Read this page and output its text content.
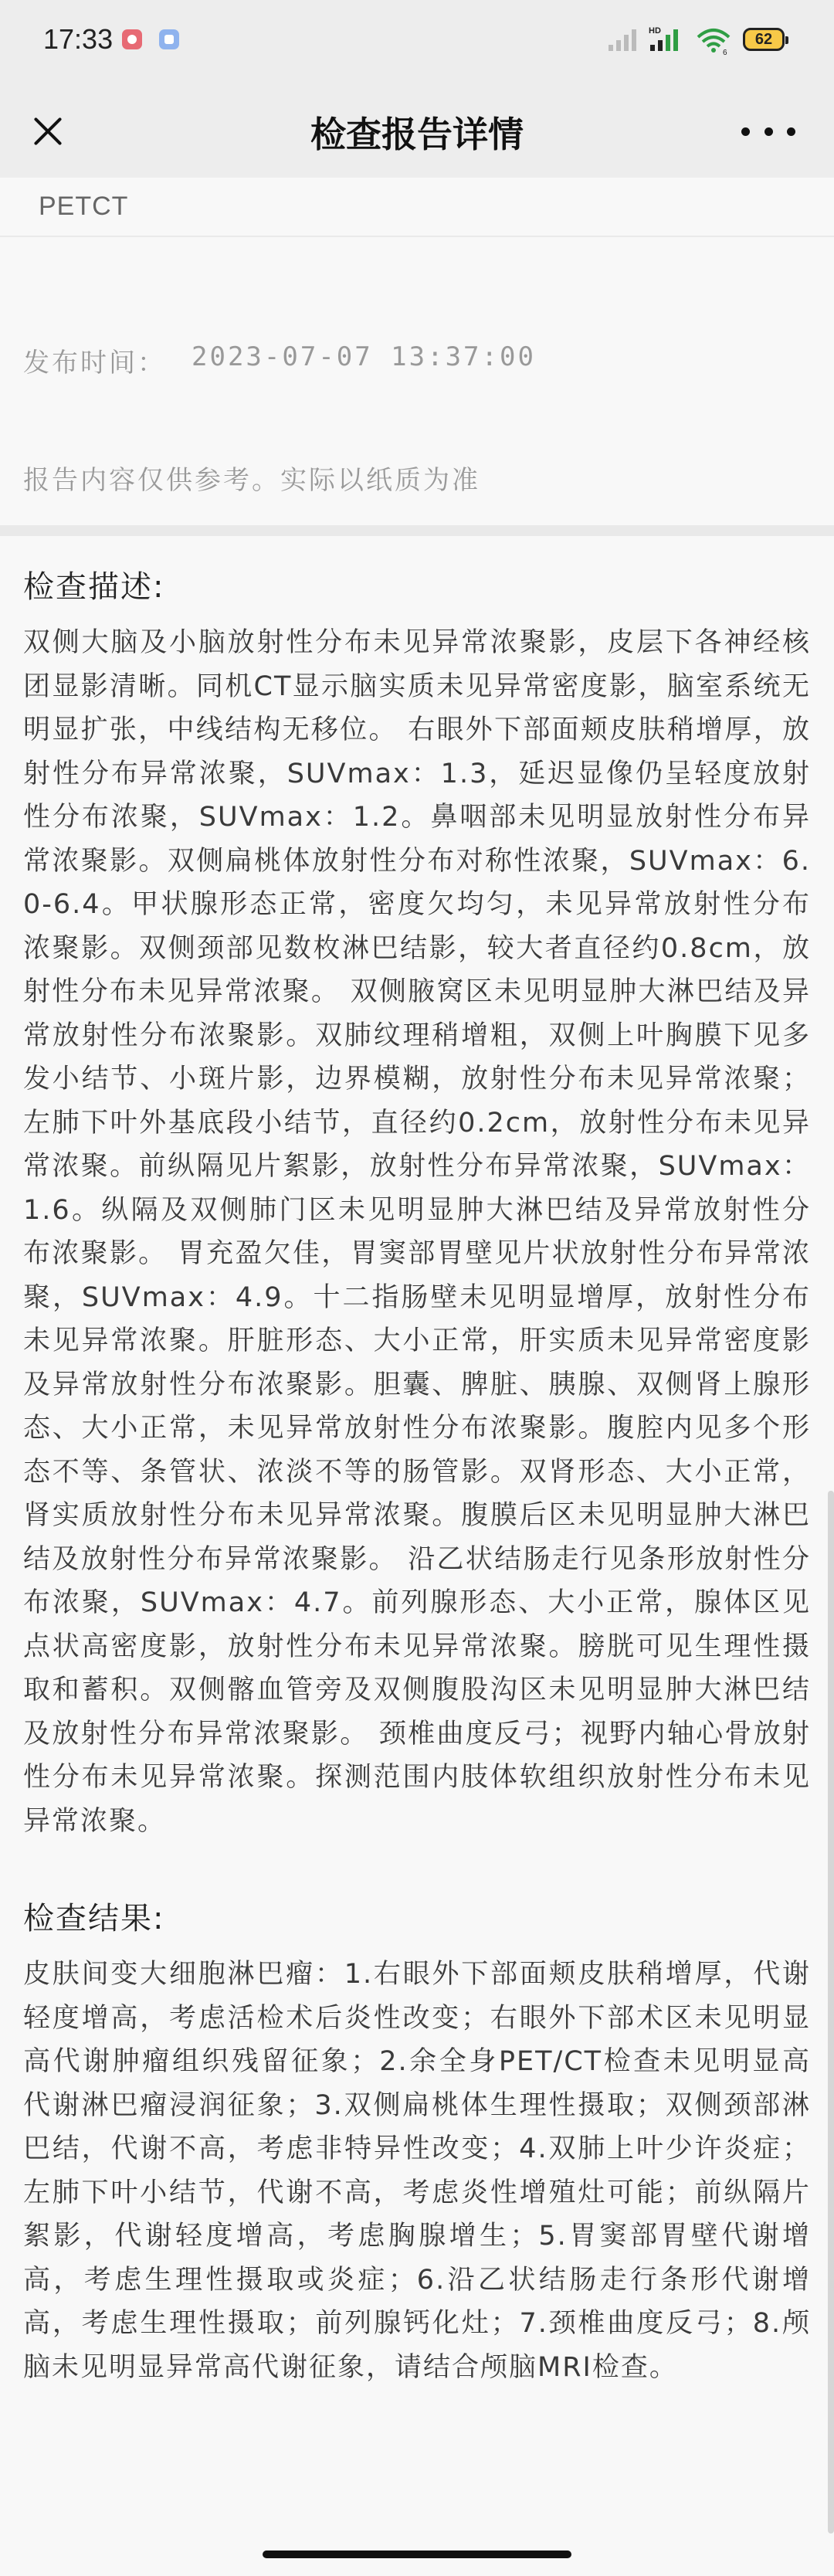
17:33	HD
6
62
检查报告详情
PETCT
发布时间： 2023-07-07 13:37:00
报告内容仅供参考。实际以纸质为准
检查描述:
双侧大脑及小脑放射性分布未见异常浓聚影，皮层下各神经核团显影清晰。同机CT显示脑实质未见异常密度影，脑室系统无明显扩张，中线结构无移位。 右眼外下部面颊皮肤稍增厚，放射性分布异常浓聚，SUVmax：1.3，延迟显像仍呈轻度放射性分布浓聚，SUVmax：1.2。鼻咽部未见明显放射性分布异常浓聚影。双侧扁桃体放射性分布对称性浓聚，SUVmax：6.0-6.4。甲状腺形态正常，密度欠均匀，未见异常放射性分布浓聚影。双侧颈部见数枚淋巴结影，较大者直径约0.8cm，放射性分布未见异常浓聚。 双侧腋窝区未见明显肿大淋巴结及异常放射性分布浓聚影。双肺纹理稍增粗，双侧上叶胸膜下见多发小结节、小斑片影，边界模糊，放射性分布未见异常浓聚；左肺下叶外基底段小结节，直径约0.2cm，放射性分布未见异常浓聚。前纵隔见片絮影，放射性分布异常浓聚，SUVmax：1.6。纵隔及双侧肺门区未见明显肿大淋巴结及异常放射性分布浓聚影。 胃充盈欠佳，胃窦部胃壁见片状放射性分布异常浓聚，SUVmax：4.9。十二指肠壁未见明显增厚，放射性分布未见异常浓聚。肝脏形态、大小正常，肝实质未见异常密度影及异常放射性分布浓聚影。胆囊、脾脏、胰腺、双侧肾上腺形态、大小正常，未见异常放射性分布浓聚影。腹腔内见多个形态不等、条管状、浓淡不等的肠管影。双肾形态、大小正常，肾实质放射性分布未见异常浓聚。腹膜后区未见明显肿大淋巴结及放射性分布异常浓聚影。 沿乙状结肠走行见条形放射性分布浓聚，SUVmax：4.7。前列腺形态、大小正常，腺体区见点状高密度影，放射性分布未见异常浓聚。膀胱可见生理性摄取和蓄积。双侧髂血管旁及双侧腹股沟区未见明显肿大淋巴结及放射性分布异常浓聚影。 颈椎曲度反弓；视野内轴心骨放射性分布未见异常浓聚。探测范围内肢体软组织放射性分布未见异常浓聚。
检查结果:
皮肤间变大细胞淋巴瘤：1.右眼外下部面颊皮肤稍增厚，代谢轻度增高，考虑活检术后炎性改变；右眼外下部术区未见明显高代谢肿瘤组织残留征象；2.余全身PET/CT检查未见明显高代谢淋巴瘤浸润征象；3.双侧扁桃体生理性摄取；双侧颈部淋巴结，代谢不高，考虑非特异性改变；4.双肺上叶少许炎症；左肺下叶小结节，代谢不高，考虑炎性增殖灶可能；前纵隔片絮影，代谢轻度增高，考虑胸腺增生；5.胃窦部胃壁代谢增高，考虑生理性摄取或炎症；6.沿乙状结肠走行条形代谢增高，考虑生理性摄取；前列腺钙化灶；7.颈椎曲度反弓；8.颅脑未见明显异常高代谢征象，请结合颅脑MRI检查。
